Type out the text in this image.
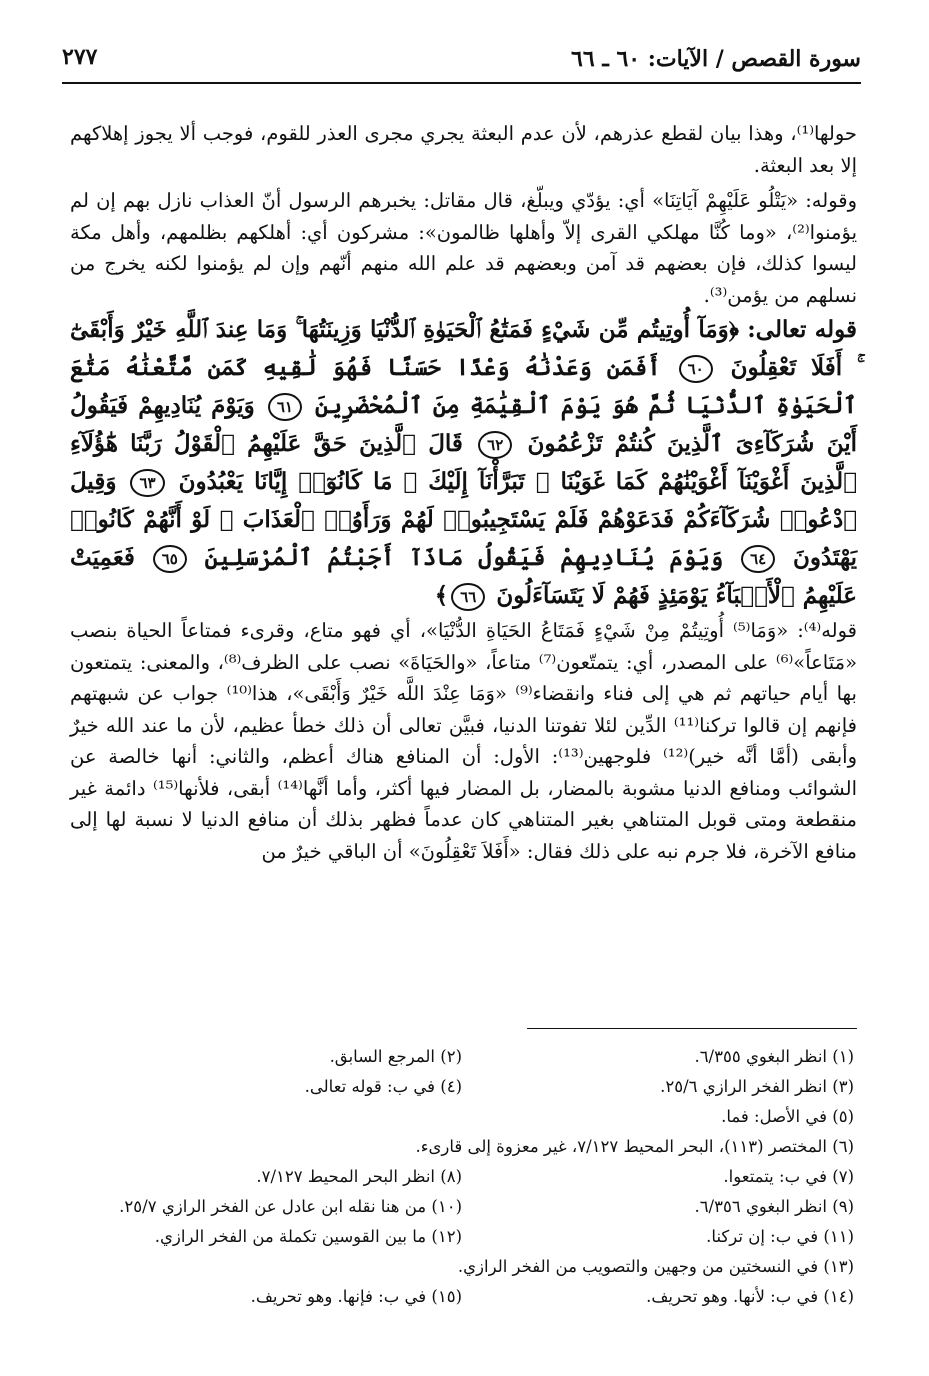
سورة القصص / الآيات: ٦٠ ـ ٦٦
٢٧٧

حولها⁽¹⁾، وهذا بيان لقطع عذرهم، لأن عدم البعثة يجري مجرى العذر للقوم، فوجب ألا يجوز إهلاكهم إلا بعد البعثة.

وقوله: «يَتْلُو عَلَيْهِمْ آيَاتِنَا» أي: يؤدّي ويبلّغ، قال مقاتل: يخبرهم الرسول أنّ العذاب نازل بهم إن لم يؤمنوا⁽²⁾، «وما كُنَّا مهلكي القرى إلاّ وأهلها ظالمون»: مشركون أي: أهلكهم بظلمهم، وأهل مكة ليسوا كذلك، فإن بعضهم قد آمن وبعضهم قد علم الله منهم أنّهم وإن لم يؤمنوا لكنه يخرج من نسلهم من يؤمن⁽³⁾.

قوله تعالى: ﴿وَمَآ أُوتِيتُم مِّن شَيْءٍ فَمَتَٰعُ ٱلْحَيَوٰةِ ٱلدُّنْيَا وَزِينَتُهَا ۚ وَمَا عِندَ ٱللَّهِ خَيْرٌ وَأَبْقَىٰٓ ۚ أَفَلَا تَعْقِلُونَ ٦٠ أَفَمَن وَعَدْنَٰهُ وَعْدًا حَسَنًا فَهُوَ لَٰقِيهِ كَمَن مَّتَّعْنَٰهُ مَتَٰعَ ٱلْحَيَوٰةِ ٱلدُّنْيَا ثُمَّ هُوَ يَوْمَ ٱلْقِيَٰمَةِ مِنَ ٱلْمُحْضَرِينَ ٦١ وَيَوْمَ يُنَادِيهِمْ فَيَقُولُ أَيْنَ شُرَكَآءِىَ ٱلَّذِينَ كُنتُمْ تَزْعُمُونَ ٦٢ قَالَ ٱلَّذِينَ حَقَّ عَلَيْهِمُ ٱلْقَوْلُ رَبَّنَا هَٰٓؤُلَآءِ ٱلَّذِينَ أَغْوَيْنَآ أَغْوَيْنَٰهُمْ كَمَا غَوَيْنَا ۖ تَبَرَّأْنَآ إِلَيْكَ ۖ مَا كَانُوٓا۟ إِيَّانَا يَعْبُدُونَ ٦٣ وَقِيلَ ٱدْعُوا۟ شُرَكَآءَكُمْ فَدَعَوْهُمْ فَلَمْ يَسْتَجِيبُوا۟ لَهُمْ وَرَأَوُا۟ ٱلْعَذَابَ ۚ لَوْ أَنَّهُمْ كَانُوا۟ يَهْتَدُونَ ٦٤ وَيَوْمَ يُنَادِيهِمْ فَيَقُولُ مَاذَآ أَجَبْتُمُ ٱلْمُرْسَلِينَ ٦٥ فَعَمِيَتْ عَلَيْهِمُ ٱلْأَنۢبَآءُ يَوْمَئِذٍ فَهُمْ لَا يَتَسَآءَلُونَ ٦٦﴾

قوله⁽⁴⁾: «وَمَا⁽⁵⁾ أُوتِيتُمْ مِنْ شَيْءٍ فَمَتَاعُ الحَيَاةِ الدُّنْيَا»، أي فهو متاع، وقرىء فمتاعاً الحياة بنصب «مَتَاعاً»⁽⁶⁾ على المصدر، أي: يتمتّعون⁽⁷⁾ متاعاً، «والحَيَاةَ» نصب على الظرف⁽⁸⁾، والمعنى: يتمتعون بها أيام حياتهم ثم هي إلى فناء وانقضاء⁽⁹⁾ «وَمَا عِنْدَ اللَّه خَيْرٌ وَأَبْقَى»، هذا⁽¹⁰⁾ جواب عن شبهتهم فإنهم إن قالوا تركنا⁽¹¹⁾ الدِّين لئلا تفوتنا الدنيا، فبيَّن تعالى أن ذلك خطأ عظيم، لأن ما عند الله خيرٌ وأبقى (أمَّا أنَّه خير)⁽¹²⁾ فلوجهين⁽¹³⁾: الأول: أن المنافع هناك أعظم، والثاني: أنها خالصة عن الشوائب ومنافع الدنيا مشوبة بالمضار، بل المضار فيها أكثر، وأما أنَّها⁽¹⁴⁾ أبقى، فلأنها⁽¹⁵⁾ دائمة غير منقطعة ومتى قوبل المتناهي بغير المتناهي كان عدماً فظهر بذلك أن منافع الدنيا لا نسبة لها إلى منافع الآخرة، فلا جرم نبه على ذلك فقال: «أَفَلاَ تَعْقِلُونَ» أن الباقي خيرٌ من

(١) انظر البغوي ٦/٣٥٥.
(٢) المرجع السابق.
(٣) انظر الفخر الرازي ٢٥/٦.
(٤) في ب: قوله تعالى.
(٥) في الأصل: فما.
(٦) المختصر (١١٣)، البحر المحيط ٧/١٢٧، غير معزوة إلى قارىء.
(٧) في ب: يتمتعوا.
(٨) انظر البحر المحيط ٧/١٢٧.
(٩) انظر البغوي ٦/٣٥٦.
(١٠) من هنا نقله ابن عادل عن الفخر الرازي ٢٥/٧.
(١١) في ب: إن تركنا.
(١٢) ما بين القوسين تكملة من الفخر الرازي.
(١٣) في النسختين من وجهين والتصويب من الفخر الرازي.
(١٤) في ب: لأنها. وهو تحريف.
(١٥) في ب: فإنها. وهو تحريف.
